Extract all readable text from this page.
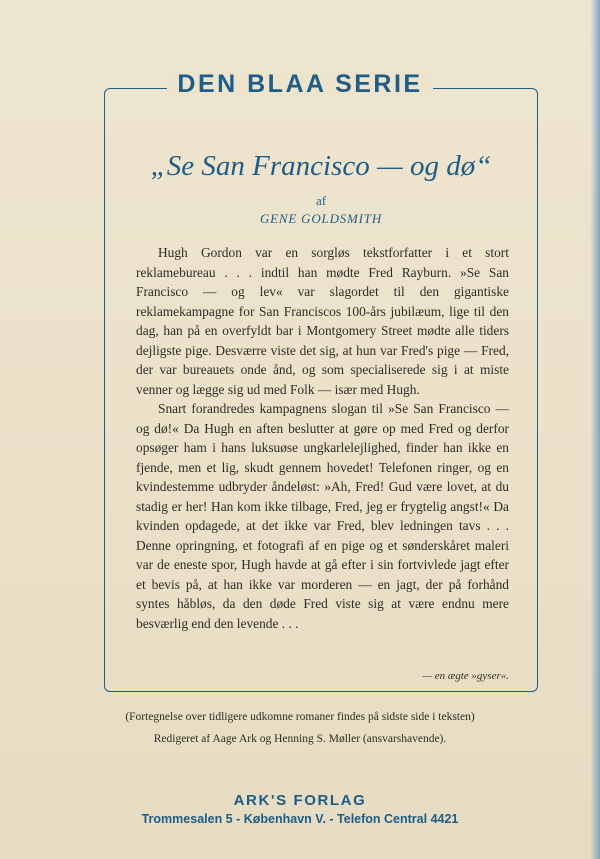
DEN BLAA SERIE
„Se San Francisco — og dø“
af
GENE GOLDSMITH

Hugh Gordon var en sorgløs tekstforfatter i et stort reklamebureau . . . indtil han mødte Fred Rayburn. »Se San Francisco — og lev« var slagordet til den gigantiske reklamekampagne for San Franciscos 100-års jubilæum, lige til den dag, han på en overfyldt bar i Montgomery Street mødte alle tiders dejligste pige. Desværre viste det sig, at hun var Fred's pige — Fred, der var bureauets onde ånd, og som specialiserede sig i at miste venner og lægge sig ud med Folk — især med Hugh.

Snart forandredes kampagnens slogan til »Se San Francisco — og dø!« Da Hugh en aften beslutter at gøre op med Fred og derfor opsøger ham i hans luksuøse ungkarlelejlighed, finder han ikke en fjende, men et lig, skudt gennem hovedet! Telefonen ringer, og en kvindestemme udbryder åndeløst: »Ah, Fred! Gud være lovet, at du stadig er her! Han kom ikke tilbage, Fred, jeg er frygtelig angst!« Da kvinden opdagede, at det ikke var Fred, blev ledningen tavs . . . Denne opringning, et fotografi af en pige og et sønderskåret maleri var de eneste spor, Hugh havde at gå efter i sin fortvivlede jagt efter et bevis på, at han ikke var morderen — en jagt, der på forhånd syntes håbløs, da den døde Fred viste sig at være endnu mere besværlig end den levende . . .

— en ægte »gyser«.
(Fortegnelse over tidligere udkomne romaner findes på sidste side i teksten)
Redigeret af Aage Ark og Henning S. Møller (ansvarshavende).
ARK'S FORLAG
Trommesalen 5 - København V. - Telefon Central 4421
